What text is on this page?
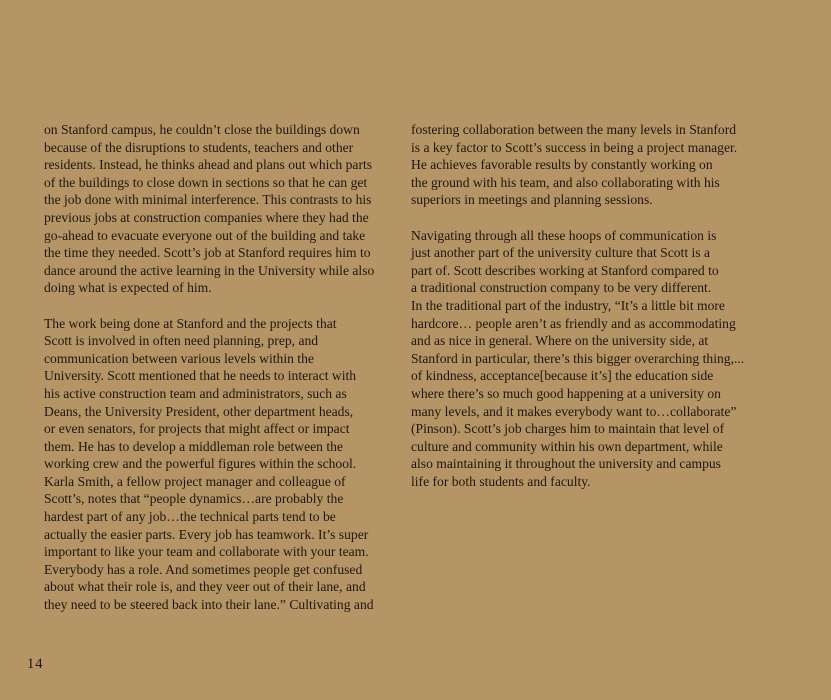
on Stanford campus, he couldn’t close the buildings down
because of the disruptions to students, teachers and other
residents. Instead, he thinks ahead and plans out which parts
of the buildings to close down in sections so that he can get
the job done with minimal interference. This contrasts to his
previous jobs at construction companies where they had the
go-ahead to evacuate everyone out of the building and take
the time they needed. Scott’s job at Stanford requires him to
dance around the active learning in the University while also
doing what is expected of him.
The work being done at Stanford and the projects that
Scott is involved in often need planning, prep, and
communication between various levels within the
University. Scott mentioned that he needs to interact with
his active construction team and administrators, such as
Deans, the University President, other department heads,
or even senators, for projects that might affect or impact
them. He has to develop a middleman role between the
working crew and the powerful figures within the school.
Karla Smith, a fellow project manager and colleague of
Scott’s, notes that “people dynamics…are probably the
hardest part of any job…the technical parts tend to be
actually the easier parts. Every job has teamwork. It’s super
important to like your team and collaborate with your team.
Everybody has a role. And sometimes people get confused
about what their role is, and they veer out of their lane, and
they need to be steered back into their lane.” Cultivating and
fostering collaboration between the many levels in Stanford
is a key factor to Scott’s success in being a project manager.
He achieves favorable results by constantly working on
the ground with his team, and also collaborating with his
superiors in meetings and planning sessions.
Navigating through all these hoops of communication is
just another part of the university culture that Scott is a
part of. Scott describes working at Stanford compared to
a traditional construction company to be very different.
In the traditional part of the industry, “It’s a little bit more
hardcore… people aren’t as friendly and as accommodating
and as nice in general. Where on the university side, at
Stanford in particular, there’s this bigger overarching thing,...
of kindness, acceptance[because it’s] the education side
where there’s so much good happening at a university on
many levels, and it makes everybody want to…collaborate”
(Pinson). Scott’s job charges him to maintain that level of
culture and community within his own department, while
also maintaining it throughout the university and campus
life for both students and faculty.
14
